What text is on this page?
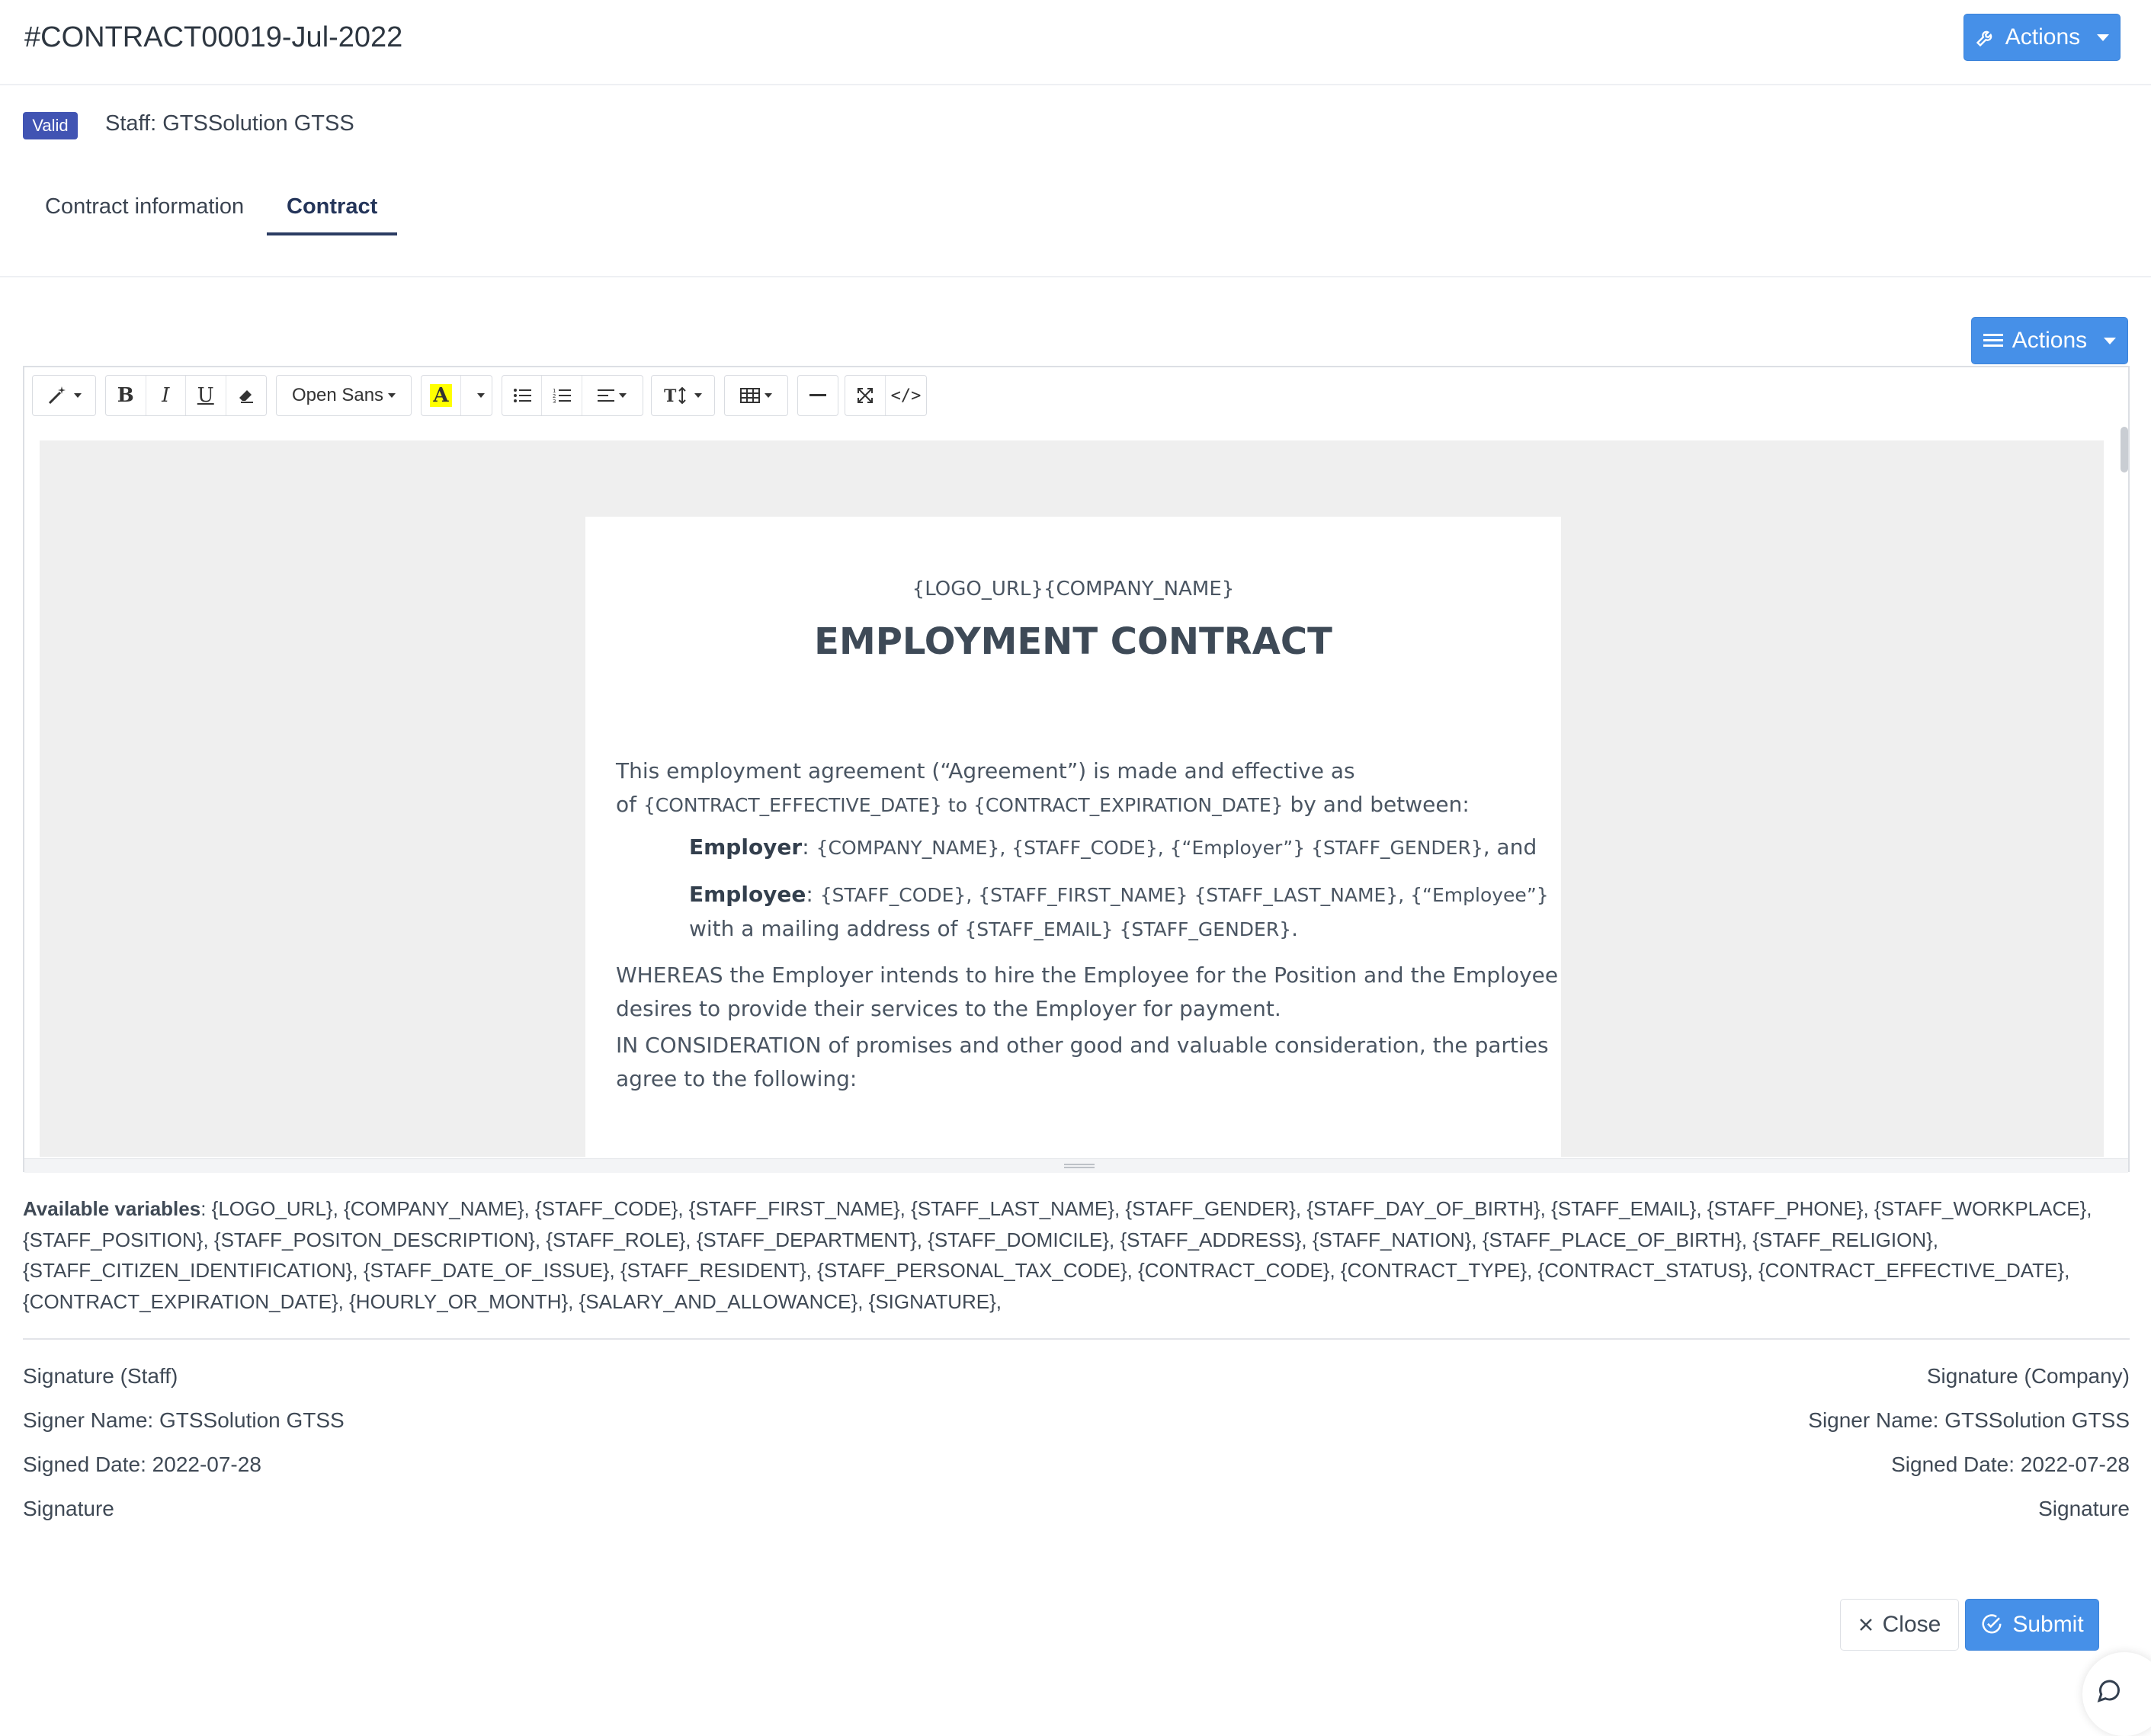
#CONTRACT00019-Jul-2022	Actions
Valid	Staff: GTSSolution GTSS
Contract information Contract
Actions
B	I	U	Open Sans	A	1
2
3	T	</>
{LOGO_URL}{COMPANY_NAME}
EMPLOYMENT CONTRACT
This employment agreement (“Agreement”) is made and effective as
of {CONTRACT_EFFECTIVE_DATE} to {CONTRACT_EXPIRATION_DATE} by and between:
Employer: {COMPANY_NAME}, {STAFF_CODE}, {“Employer”} {STAFF_GENDER}, and
Employee: {STAFF_CODE}, {STAFF_FIRST_NAME} {STAFF_LAST_NAME}, {“Employee”}
with a mailing address of {STAFF_EMAIL} {STAFF_GENDER}.
WHEREAS the Employer intends to hire the Employee for the Position and the Employee
desires to provide their services to the Employer for payment.
IN CONSIDERATION of promises and other good and valuable consideration, the parties
agree to the following:
Available variables: {LOGO_URL}, {COMPANY_NAME}, {STAFF_CODE}, {STAFF_FIRST_NAME}, {STAFF_LAST_NAME}, {STAFF_GENDER}, {STAFF_DAY_OF_BIRTH}, {STAFF_EMAIL}, {STAFF_PHONE}, {STAFF_WORKPLACE},
{STAFF_POSITION}, {STAFF_POSITON_DESCRIPTION}, {STAFF_ROLE}, {STAFF_DEPARTMENT}, {STAFF_DOMICILE}, {STAFF_ADDRESS}, {STAFF_NATION}, {STAFF_PLACE_OF_BIRTH}, {STAFF_RELIGION},
{STAFF_CITIZEN_IDENTIFICATION}, {STAFF_DATE_OF_ISSUE}, {STAFF_RESIDENT}, {STAFF_PERSONAL_TAX_CODE}, {CONTRACT_CODE}, {CONTRACT_TYPE}, {CONTRACT_STATUS}, {CONTRACT_EFFECTIVE_DATE},
{CONTRACT_EXPIRATION_DATE}, {HOURLY_OR_MONTH}, {SALARY_AND_ALLOWANCE}, {SIGNATURE},
Signature (Staff)
Signer Name: GTSSolution GTSS
Signed Date: 2022-07-28
Signature
Signature (Company)
Signer Name: GTSSolution GTSS
Signed Date: 2022-07-28
Signature
Close	Submit
